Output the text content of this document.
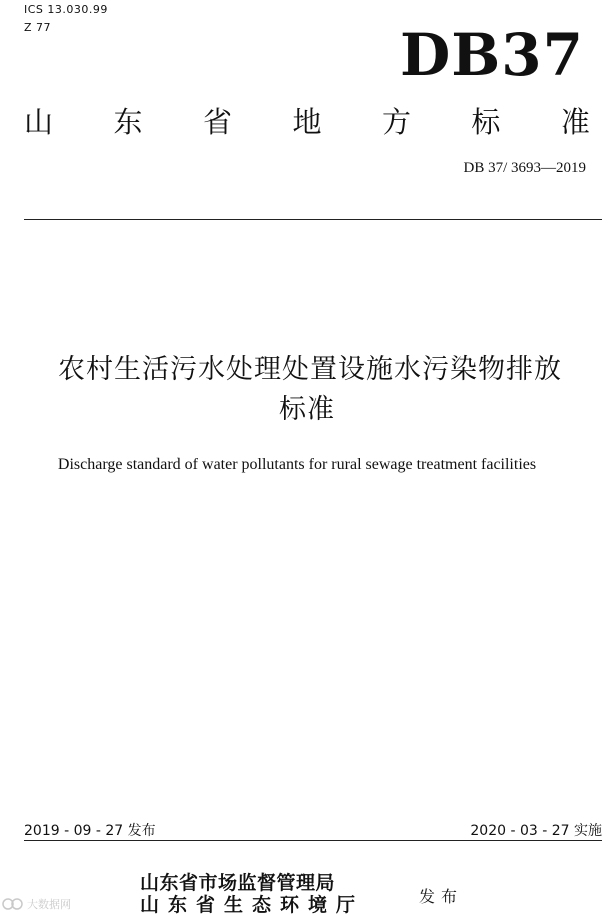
ICS 13.030.99
Z 77	DB37
山 东 省 地 方 标 准
DB 37/ 3693—2019
农村生活污水处理处置设施水污染物排放
标准
Discharge standard of water pollutants for rural sewage treatment facilities
2019 - 09 - 27 发布	2020 - 03 - 27 实施
山东省市场监督管理局
山东省生态环境厅	发布
大数据网
